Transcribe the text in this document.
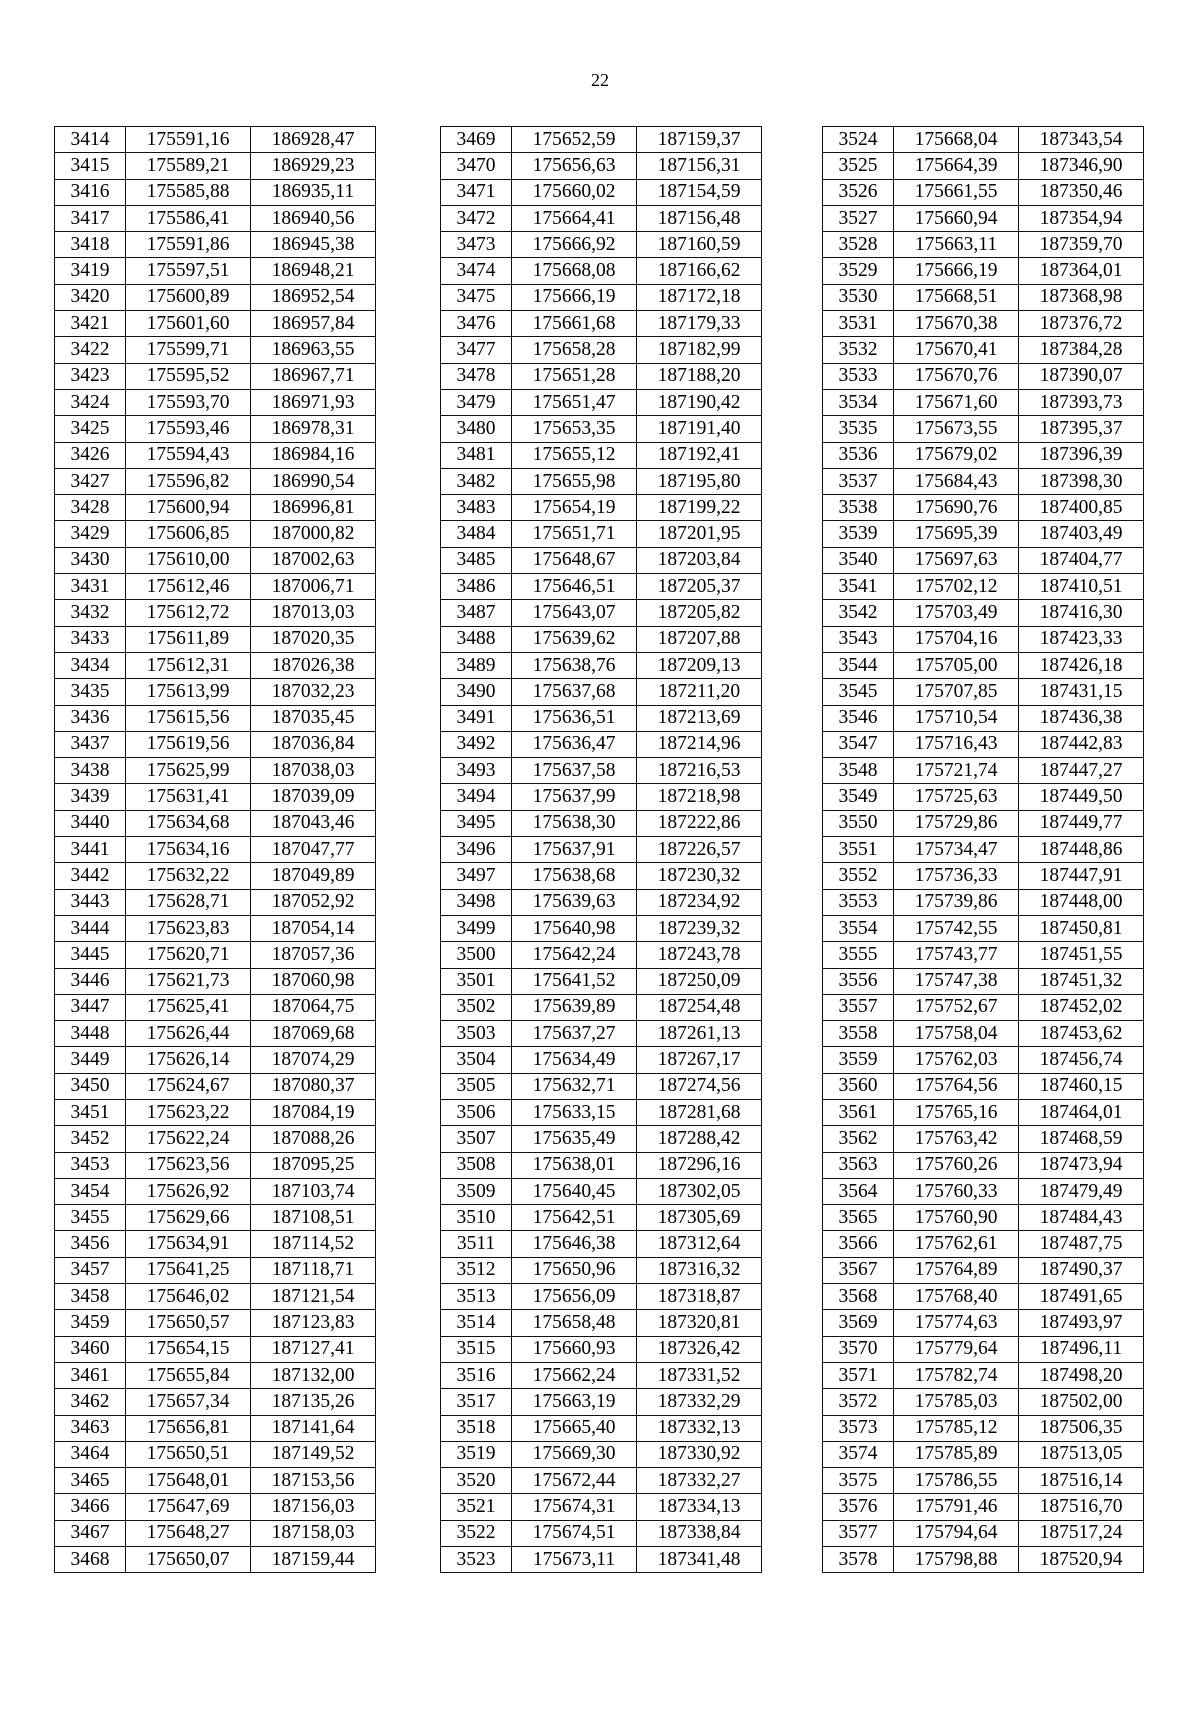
22
3414	175591,16	186928,47
3415	175589,21	186929,23
3416	175585,88	186935,11
3417	175586,41	186940,56
3418	175591,86	186945,38
3419	175597,51	186948,21
3420	175600,89	186952,54
3421	175601,60	186957,84
3422	175599,71	186963,55
3423	175595,52	186967,71
3424	175593,70	186971,93
3425	175593,46	186978,31
3426	175594,43	186984,16
3427	175596,82	186990,54
3428	175600,94	186996,81
3429	175606,85	187000,82
3430	175610,00	187002,63
3431	175612,46	187006,71
3432	175612,72	187013,03
3433	175611,89	187020,35
3434	175612,31	187026,38
3435	175613,99	187032,23
3436	175615,56	187035,45
3437	175619,56	187036,84
3438	175625,99	187038,03
3439	175631,41	187039,09
3440	175634,68	187043,46
3441	175634,16	187047,77
3442	175632,22	187049,89
3443	175628,71	187052,92
3444	175623,83	187054,14
3445	175620,71	187057,36
3446	175621,73	187060,98
3447	175625,41	187064,75
3448	175626,44	187069,68
3449	175626,14	187074,29
3450	175624,67	187080,37
3451	175623,22	187084,19
3452	175622,24	187088,26
3453	175623,56	187095,25
3454	175626,92	187103,74
3455	175629,66	187108,51
3456	175634,91	187114,52
3457	175641,25	187118,71
3458	175646,02	187121,54
3459	175650,57	187123,83
3460	175654,15	187127,41
3461	175655,84	187132,00
3462	175657,34	187135,26
3463	175656,81	187141,64
3464	175650,51	187149,52
3465	175648,01	187153,56
3466	175647,69	187156,03
3467	175648,27	187158,03
3468	175650,07	187159,44
3469	175652,59	187159,37
3470	175656,63	187156,31
3471	175660,02	187154,59
3472	175664,41	187156,48
3473	175666,92	187160,59
3474	175668,08	187166,62
3475	175666,19	187172,18
3476	175661,68	187179,33
3477	175658,28	187182,99
3478	175651,28	187188,20
3479	175651,47	187190,42
3480	175653,35	187191,40
3481	175655,12	187192,41
3482	175655,98	187195,80
3483	175654,19	187199,22
3484	175651,71	187201,95
3485	175648,67	187203,84
3486	175646,51	187205,37
3487	175643,07	187205,82
3488	175639,62	187207,88
3489	175638,76	187209,13
3490	175637,68	187211,20
3491	175636,51	187213,69
3492	175636,47	187214,96
3493	175637,58	187216,53
3494	175637,99	187218,98
3495	175638,30	187222,86
3496	175637,91	187226,57
3497	175638,68	187230,32
3498	175639,63	187234,92
3499	175640,98	187239,32
3500	175642,24	187243,78
3501	175641,52	187250,09
3502	175639,89	187254,48
3503	175637,27	187261,13
3504	175634,49	187267,17
3505	175632,71	187274,56
3506	175633,15	187281,68
3507	175635,49	187288,42
3508	175638,01	187296,16
3509	175640,45	187302,05
3510	175642,51	187305,69
3511	175646,38	187312,64
3512	175650,96	187316,32
3513	175656,09	187318,87
3514	175658,48	187320,81
3515	175660,93	187326,42
3516	175662,24	187331,52
3517	175663,19	187332,29
3518	175665,40	187332,13
3519	175669,30	187330,92
3520	175672,44	187332,27
3521	175674,31	187334,13
3522	175674,51	187338,84
3523	175673,11	187341,48
3524	175668,04	187343,54
3525	175664,39	187346,90
3526	175661,55	187350,46
3527	175660,94	187354,94
3528	175663,11	187359,70
3529	175666,19	187364,01
3530	175668,51	187368,98
3531	175670,38	187376,72
3532	175670,41	187384,28
3533	175670,76	187390,07
3534	175671,60	187393,73
3535	175673,55	187395,37
3536	175679,02	187396,39
3537	175684,43	187398,30
3538	175690,76	187400,85
3539	175695,39	187403,49
3540	175697,63	187404,77
3541	175702,12	187410,51
3542	175703,49	187416,30
3543	175704,16	187423,33
3544	175705,00	187426,18
3545	175707,85	187431,15
3546	175710,54	187436,38
3547	175716,43	187442,83
3548	175721,74	187447,27
3549	175725,63	187449,50
3550	175729,86	187449,77
3551	175734,47	187448,86
3552	175736,33	187447,91
3553	175739,86	187448,00
3554	175742,55	187450,81
3555	175743,77	187451,55
3556	175747,38	187451,32
3557	175752,67	187452,02
3558	175758,04	187453,62
3559	175762,03	187456,74
3560	175764,56	187460,15
3561	175765,16	187464,01
3562	175763,42	187468,59
3563	175760,26	187473,94
3564	175760,33	187479,49
3565	175760,90	187484,43
3566	175762,61	187487,75
3567	175764,89	187490,37
3568	175768,40	187491,65
3569	175774,63	187493,97
3570	175779,64	187496,11
3571	175782,74	187498,20
3572	175785,03	187502,00
3573	175785,12	187506,35
3574	175785,89	187513,05
3575	175786,55	187516,14
3576	175791,46	187516,70
3577	175794,64	187517,24
3578	175798,88	187520,94
